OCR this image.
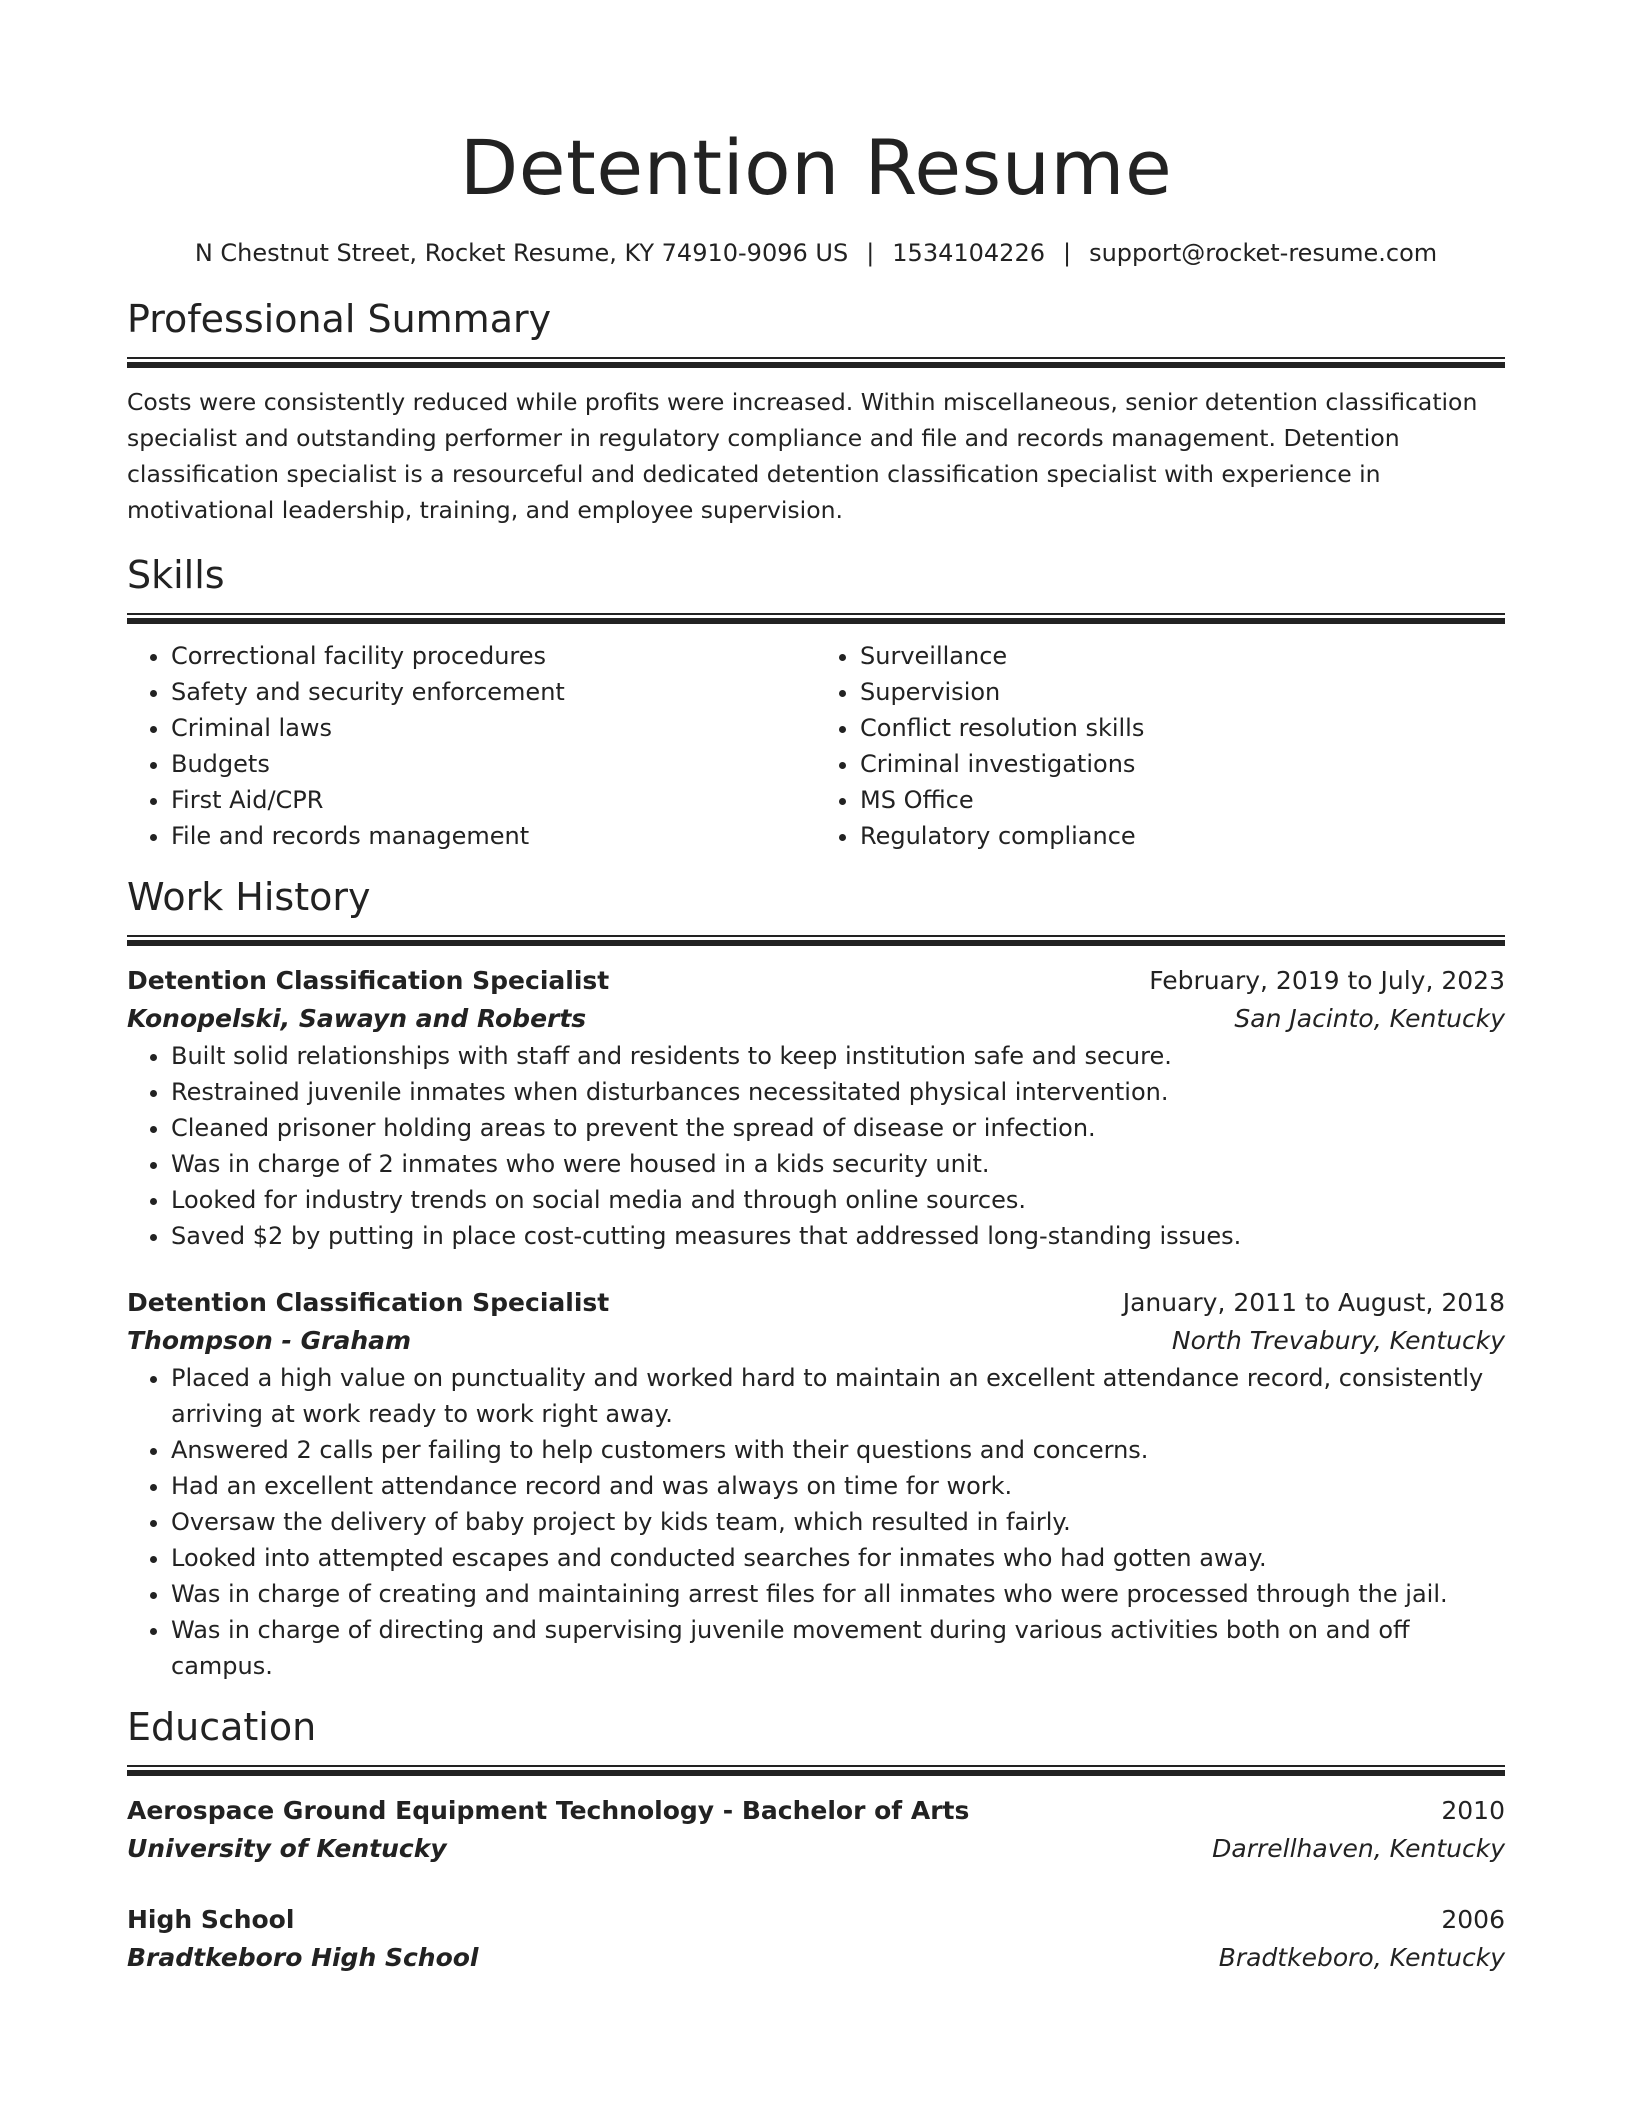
Detention Resume
N Chestnut Street, Rocket Resume, KY 74910-9096 US | 1534104226 | support@rocket-resume.com
Professional Summary

Costs were consistently reduced while profits were increased. Within miscellaneous, senior detention classification specialist and outstanding performer in regulatory compliance and file and records management. Detention classification specialist is a resourceful and dedicated detention classification specialist with experience in motivational leadership, training, and employee supervision.

Skills
• Correctional facility procedures
• Safety and security enforcement
• Criminal laws
• Budgets
• First Aid/CPR
• File and records management
• Surveillance
• Supervision
• Conflict resolution skills
• Criminal investigations
• MS Office
• Regulatory compliance
Work History
Detention Classification Specialist	February, 2019 to July, 2023
Konopelski, Sawayn and Roberts	San Jacinto, Kentucky
• Built solid relationships with staff and residents to keep institution safe and secure.
• Restrained juvenile inmates when disturbances necessitated physical intervention.
• Cleaned prisoner holding areas to prevent the spread of disease or infection.
• Was in charge of 2 inmates who were housed in a kids security unit.
• Looked for industry trends on social media and through online sources.
• Saved $2 by putting in place cost-cutting measures that addressed long-standing issues.
Detention Classification Specialist	January, 2011 to August, 2018
Thompson - Graham	North Trevabury, Kentucky
• Placed a high value on punctuality and worked hard to maintain an excellent attendance record, consistently arriving at work ready to work right away.
• Answered 2 calls per failing to help customers with their questions and concerns.
• Had an excellent attendance record and was always on time for work.
• Oversaw the delivery of baby project by kids team, which resulted in fairly.
• Looked into attempted escapes and conducted searches for inmates who had gotten away.
• Was in charge of creating and maintaining arrest files for all inmates who were processed through the jail.
• Was in charge of directing and supervising juvenile movement during various activities both on and off campus.
Education
Aerospace Ground Equipment Technology - Bachelor of Arts	2010
University of Kentucky	Darrellhaven, Kentucky
High School	2006
Bradtkeboro High School	Bradtkeboro, Kentucky
